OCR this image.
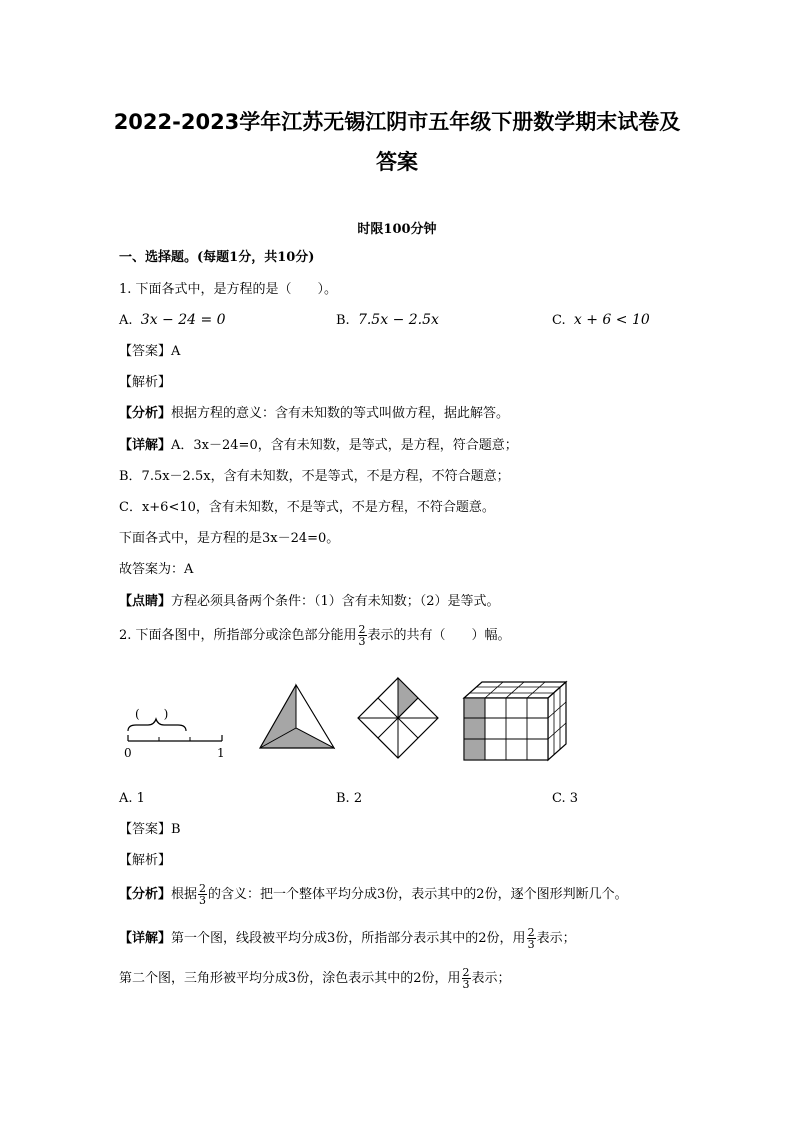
2022-2023学年江苏无锡江阴市五年级下册数学期末试卷及
答案
时限100分钟
一、选择题。(每题1分，共10分)
1. 下面各式中，是方程的是（　　）。
A. 3x − 24 = 0	B. 7.5x − 2.5x	C. x + 6 < 10
【答案】A
【解析】
【分析】根据方程的意义：含有未知数的等式叫做方程，据此解答。
【详解】A．3x－24=0，含有未知数，是等式，是方程，符合题意；
B．7.5x－2.5x，含有未知数，不是等式，不是方程，不符合题意；
C．x+6<10，含有未知数，不是等式，不是方程，不符合题意。
下面各式中，是方程的是3x－24=0。
故答案为：A
【点睛】方程必须具备两个条件：（1）含有未知数；（2）是等式。
2. 下面各图中，所指部分或涂色部分能用 $\frac{2}{3}$ 表示的共有（　　）幅。
(　　)
0	1
A. 1	B. 2	C. 3
【答案】B
【解析】
【分析】根据 $\frac{2}{3}$ 的含义：把一个整体平均分成3份，表示其中的2份，逐个图形判断几个。
【详解】第一个图，线段被平均分成3份，所指部分表示其中的2份，用 $\frac{2}{3}$ 表示；
第二个图，三角形被平均分成3份，涂色表示其中的2份，用 $\frac{2}{3}$ 表示；
